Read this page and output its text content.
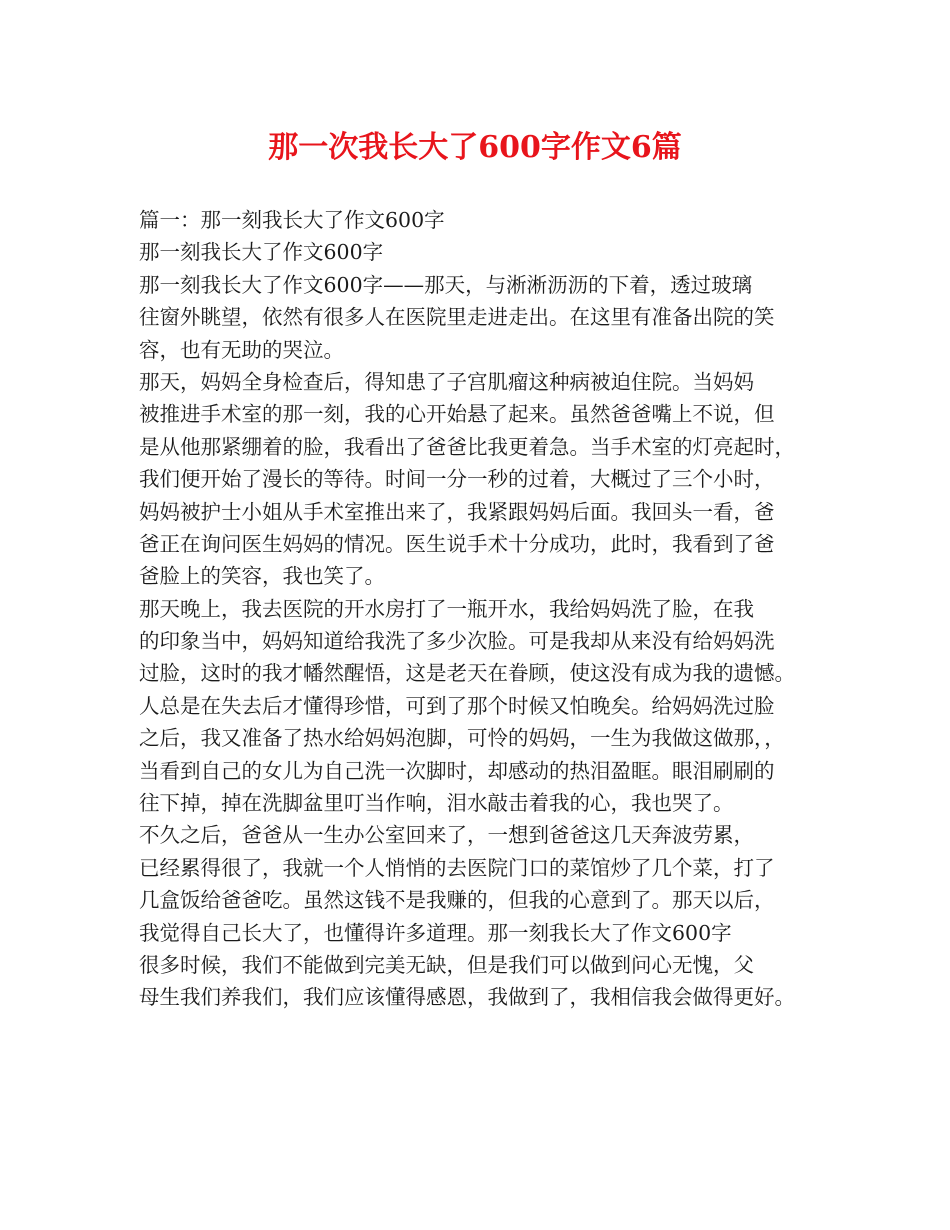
那一次我长大了600字作文6篇
篇一：那一刻我长大了作文600字
那一刻我长大了作文600字
那一刻我长大了作文600字——那天，与淅淅沥沥的下着，透过玻璃
往窗外眺望，依然有很多人在医院里走进走出。在这里有准备出院的笑
容，也有无助的哭泣。
那天，妈妈全身检查后，得知患了子宫肌瘤这种病被迫住院。当妈妈
被推进手术室的那一刻，我的心开始悬了起来。虽然爸爸嘴上不说，但
是从他那紧绷着的脸，我看出了爸爸比我更着急。当手术室的灯亮起时，
我们便开始了漫长的等待。时间一分一秒的过着，大概过了三个小时，
妈妈被护士小姐从手术室推出来了，我紧跟妈妈后面。我回头一看，爸
爸正在询问医生妈妈的情况。医生说手术十分成功，此时，我看到了爸
爸脸上的笑容，我也笑了。
那天晚上，我去医院的开水房打了一瓶开水，我给妈妈洗了脸，在我
的印象当中，妈妈知道给我洗了多少次脸。可是我却从来没有给妈妈洗
过脸，这时的我才幡然醒悟，这是老天在眷顾，使这没有成为我的遗憾。
人总是在失去后才懂得珍惜，可到了那个时候又怕晚矣。给妈妈洗过脸
之后，我又准备了热水给妈妈泡脚，可怜的妈妈，一生为我做这做那，，
当看到自己的女儿为自己洗一次脚时，却感动的热泪盈眶。眼泪刷刷的
往下掉，掉在洗脚盆里叮当作响，泪水敲击着我的心，我也哭了。
不久之后，爸爸从一生办公室回来了，一想到爸爸这几天奔波劳累，
已经累得很了，我就一个人悄悄的去医院门口的菜馆炒了几个菜，打了
几盒饭给爸爸吃。虽然这钱不是我赚的，但我的心意到了。那天以后，
我觉得自己长大了，也懂得许多道理。那一刻我长大了作文600字
很多时候，我们不能做到完美无缺，但是我们可以做到问心无愧，父
母生我们养我们，我们应该懂得感恩，我做到了，我相信我会做得更好。
